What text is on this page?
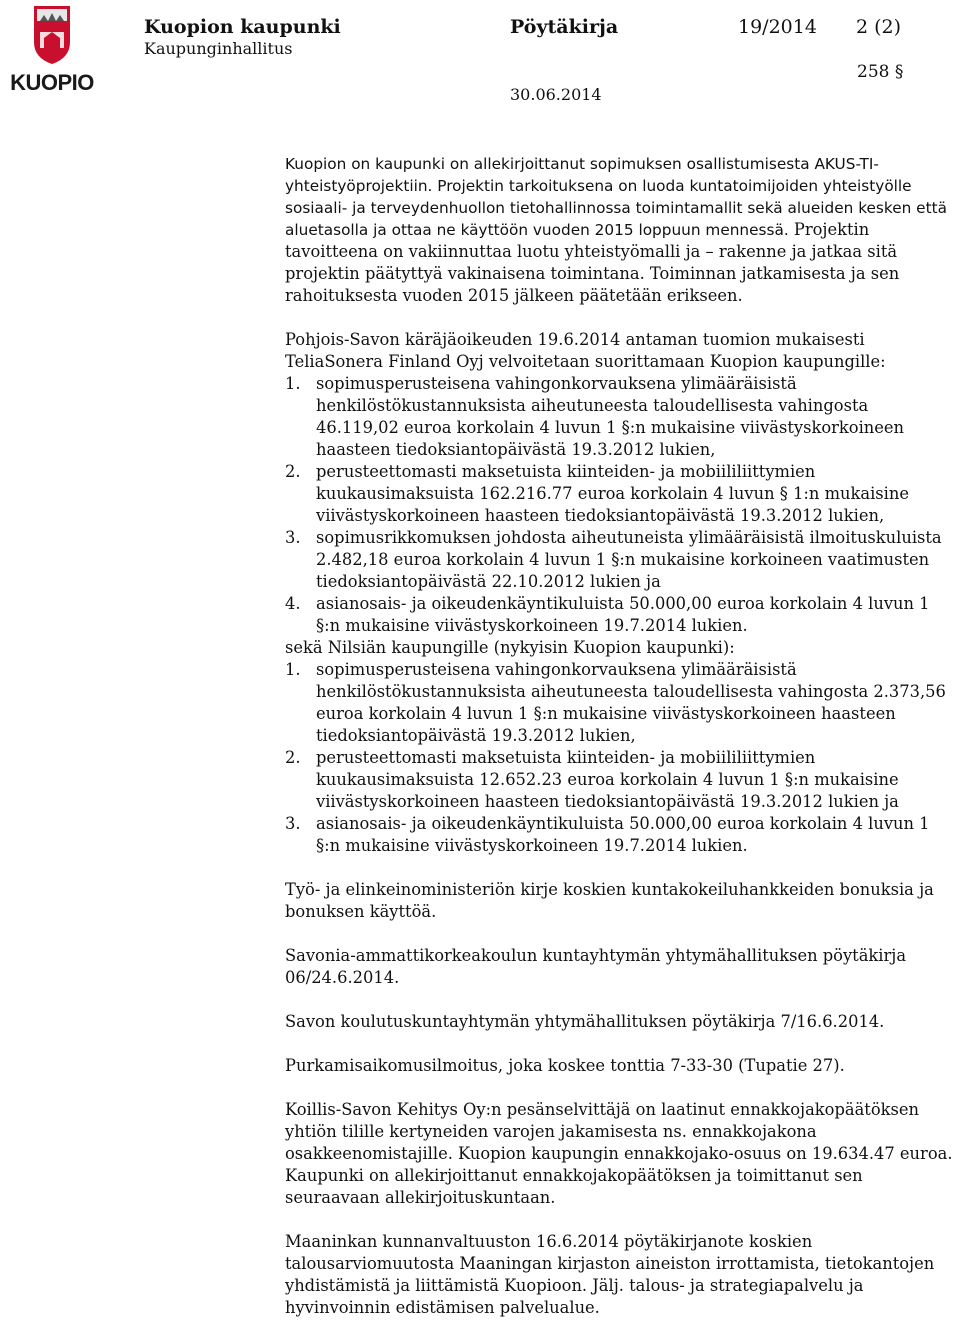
KUOPIO
Kuopion kaupunki
Kaupunginhallitus
Pöytäkirja	19/2014 2 (2)
258 §
30.06.2014

Kuopion on kaupunki on allekirjoittanut sopimuksen osallistumisesta AKUS-TI- yhteistyöprojektiin. Projektin tarkoituksena on luoda kuntatoimijoiden yhteistyölle sosiaali- ja terveydenhuollon tietohallinnossa toimintamallit sekä alueiden kesken että aluetasolla ja ottaa ne käyttöön vuoden 2015 loppuun mennessä. Projektin tavoitteena on vakiinnuttaa luotu yhteistyömalli ja – rakenne ja jatkaa sitä projektin päätyttyä vakinaisena toimintana. Toiminnan jatkamisesta ja sen rahoituksesta vuoden 2015 jälkeen päätetään erikseen.

Pohjois-Savon käräjäoikeuden 19.6.2014 antaman tuomion mukaisesti TeliaSonera Finland Oyj velvoitetaan suorittamaan Kuopion kaupungille:

1. sopimusperusteisena vahingonkorvauksena ylimääräisistä henkilöstökustannuksista aiheutuneesta taloudellisesta vahingosta 46.119,02 euroa korkolain 4 luvun 1 §:n mukaisine viivästyskorkoineen haasteen tiedoksiantopäivästä 19.3.2012 lukien,
2. perusteettomasti maksetuista kiinteiden- ja mobiililiittymien kuukausimaksuista 162.216.77 euroa korkolain 4 luvun § 1:n mukaisine viivästyskorkoineen haasteen tiedoksiantopäivästä 19.3.2012 lukien,
3. sopimusrikkomuksen johdosta aiheutuneista ylimääräisistä ilmoituskuluista 2.482,18 euroa korkolain 4 luvun 1 §:n mukaisine korkoineen vaatimusten tiedoksiantopäivästä 22.10.2012 lukien ja
4. asianosais- ja oikeudenkäyntikuluista 50.000,00 euroa korkolain 4 luvun 1 §:n mukaisine viivästyskorkoineen 19.7.2014 lukien.

sekä Nilsiän kaupungille (nykyisin Kuopion kaupunki):

1. sopimusperusteisena vahingonkorvauksena ylimääräisistä henkilöstökustannuksista aiheutuneesta taloudellisesta vahingosta 2.373,56 euroa korkolain 4 luvun 1 §:n mukaisine viivästyskorkoineen haasteen tiedoksiantopäivästä 19.3.2012 lukien,
2. perusteettomasti maksetuista kiinteiden- ja mobiililiittymien kuukausimaksuista 12.652.23 euroa korkolain 4 luvun 1 §:n mukaisine viivästyskorkoineen haasteen tiedoksiantopäivästä 19.3.2012 lukien ja
3. asianosais- ja oikeudenkäyntikuluista 50.000,00 euroa korkolain 4 luvun 1 §:n mukaisine viivästyskorkoineen 19.7.2014 lukien.

Työ- ja elinkeinoministeriön kirje koskien kuntakokeiluhankkeiden bonuksia ja bonuksen käyttöä.

Savonia-ammattikorkeakoulun kuntayhtymän yhtymähallituksen pöytäkirja 06/24.6.2014.

Savon koulutuskuntayhtymän yhtymähallituksen pöytäkirja 7/16.6.2014.

Purkamisaikomusilmoitus, joka koskee tonttia 7-33-30 (Tupatie 27).

Koillis-Savon Kehitys Oy:n pesänselvittäjä on laatinut ennakkojakopäätöksen yhtiön tilille kertyneiden varojen jakamisesta ns. ennakkojakona osakkeenomistajille. Kuopion kaupungin ennakkojako-osuus on 19.634.47 euroa. Kaupunki on allekirjoittanut ennakkojakopäätöksen ja toimittanut sen seuraavaan allekirjoituskuntaan.

Maaninkan kunnanvaltuuston 16.6.2014 pöytäkirjanote koskien talousarviomuutosta Maaningan kirjaston aineiston irrottamista, tietokantojen yhdistämistä ja liittämistä Kuopioon. Jälj. talous- ja strategiapalvelu ja hyvinvoinnin edistämisen palvelualue.
